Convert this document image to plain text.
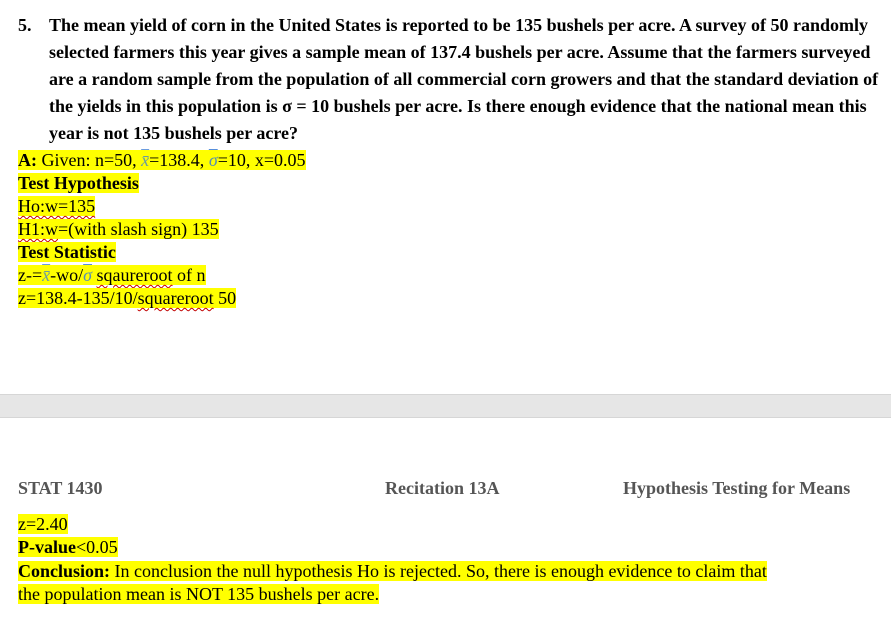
5. The mean yield of corn in the United States is reported to be 135 bushels per acre. A survey of 50 randomly selected farmers this year gives a sample mean of 137.4 bushels per acre. Assume that the farmers surveyed are a random sample from the population of all commercial corn growers and that the standard deviation of the yields in this population is σ = 10 bushels per acre. Is there enough evidence that the national mean this year is not 135 bushels per acre?
A: Given: n=50, x̄=138.4, $\overline{\sigma}=10$, x=0.05
Test Hypothesis
Ho:w=135
H1:w=(with slash sign) 135
Test Statistic
$z-=x̄-wo/\overline{\sigma}$ sqaureroot of n
z=138.4-135/10/squareroot 50
STAT 1430	Recitation 13A	Hypothesis Testing for Means
z=2.40
P-value<0.05
Conclusion: In conclusion the null hypothesis Ho is rejected. So, there is enough evidence to claim that
the population mean is NOT 135 bushels per acre.
